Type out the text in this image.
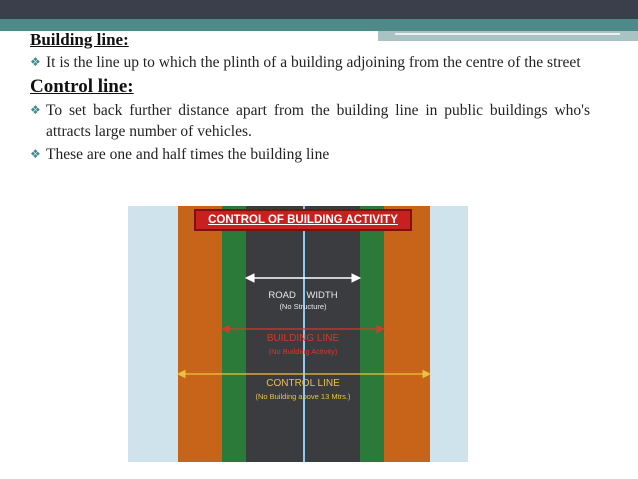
Building line:

❖ It is the line up to which the plinth of a building adjoining from the centre of the street

Control line:

❖ To set back further distance apart from the building line in public buildings who's attracts large number of vehicles.
❖ These are one and half times the building line
CONTROL OF BUILDING ACTIVITY
ROAD    WIDTH
(No Structure)
BUILDING LINE
(No Building Activity)
CONTROL LINE
(No Building above 13 Mtrs.)
